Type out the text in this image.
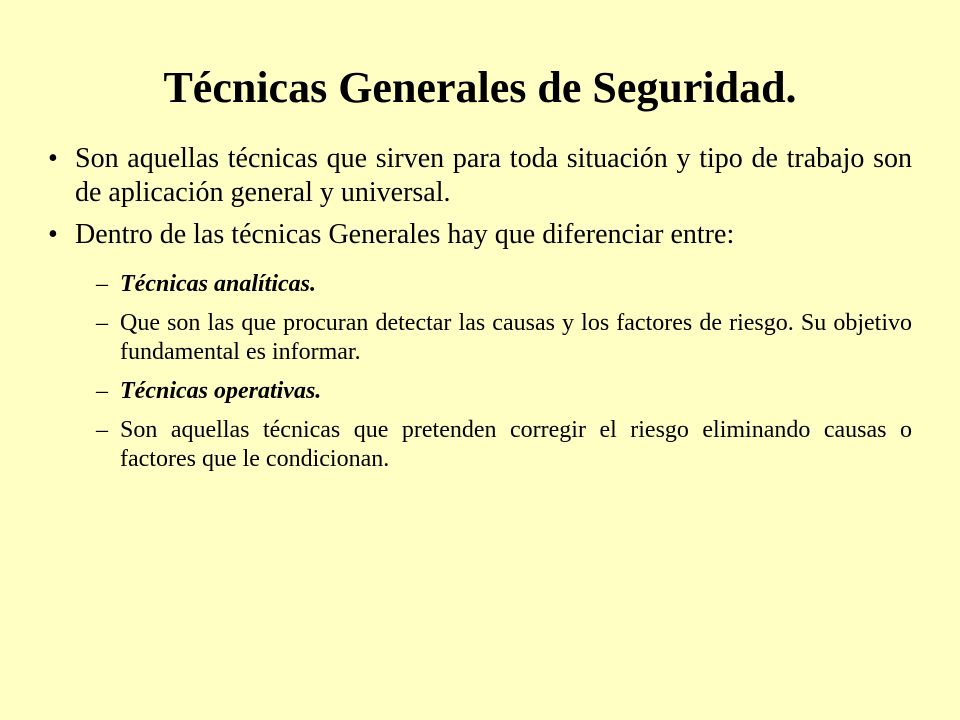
Técnicas Generales de Seguridad.
• Son aquellas técnicas que sirven para toda situación y tipo de trabajo son de aplicación general y universal.
• Dentro de las técnicas Generales hay que diferenciar entre:
– Técnicas analíticas.
– Que son las que procuran detectar las causas y los factores de riesgo. Su objetivo fundamental es informar.
– Técnicas operativas.
– Son aquellas técnicas que pretenden corregir el riesgo eliminando causas o factores que le condicionan.
